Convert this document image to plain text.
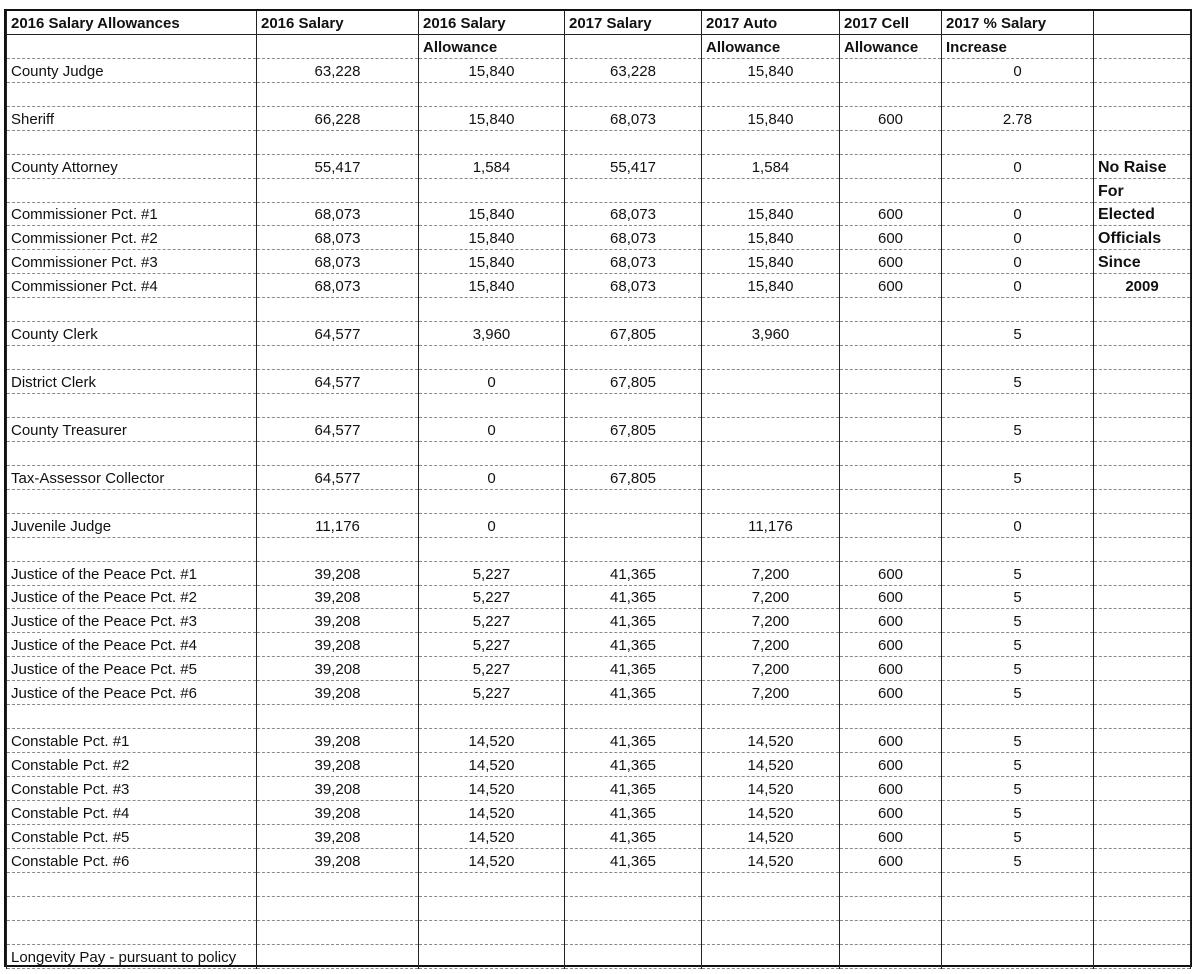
2016 Salary Allowances	2016 Salary	2016 Salary	2017 Salary	2017 Auto	2017 Cell	2017 % Salary	
		Allowance		Allowance	Allowance	Increase	
County Judge	63,228	15,840	63,228	15,840		0	

Sheriff	66,228	15,840	68,073	15,840	600	2.78	

County Attorney	55,417	1,584	55,417	1,584		0	No Raise
							For
Commissioner Pct. #1	68,073	15,840	68,073	15,840	600	0	Elected
Commissioner Pct. #2	68,073	15,840	68,073	15,840	600	0	Officials
Commissioner Pct. #3	68,073	15,840	68,073	15,840	600	0	Since
Commissioner Pct. #4	68,073	15,840	68,073	15,840	600	0	2009

County Clerk	64,577	3,960	67,805	3,960		5	

District Clerk	64,577	0	67,805			5	

County Treasurer	64,577	0	67,805			5	

Tax-Assessor Collector	64,577	0	67,805			5	

Juvenile Judge	11,176	0		11,176		0	

Justice of the Peace Pct. #1	39,208	5,227	41,365	7,200	600	5	
Justice of the Peace Pct. #2	39,208	5,227	41,365	7,200	600	5	
Justice of the Peace Pct. #3	39,208	5,227	41,365	7,200	600	5	
Justice of the Peace Pct. #4	39,208	5,227	41,365	7,200	600	5	
Justice of the Peace Pct. #5	39,208	5,227	41,365	7,200	600	5	
Justice of the Peace Pct. #6	39,208	5,227	41,365	7,200	600	5	

Constable Pct. #1	39,208	14,520	41,365	14,520	600	5	
Constable Pct. #2	39,208	14,520	41,365	14,520	600	5	
Constable Pct. #3	39,208	14,520	41,365	14,520	600	5	
Constable Pct. #4	39,208	14,520	41,365	14,520	600	5	
Constable Pct. #5	39,208	14,520	41,365	14,520	600	5	
Constable Pct. #6	39,208	14,520	41,365	14,520	600	5	

Longevity Pay - pursuant to policy							
